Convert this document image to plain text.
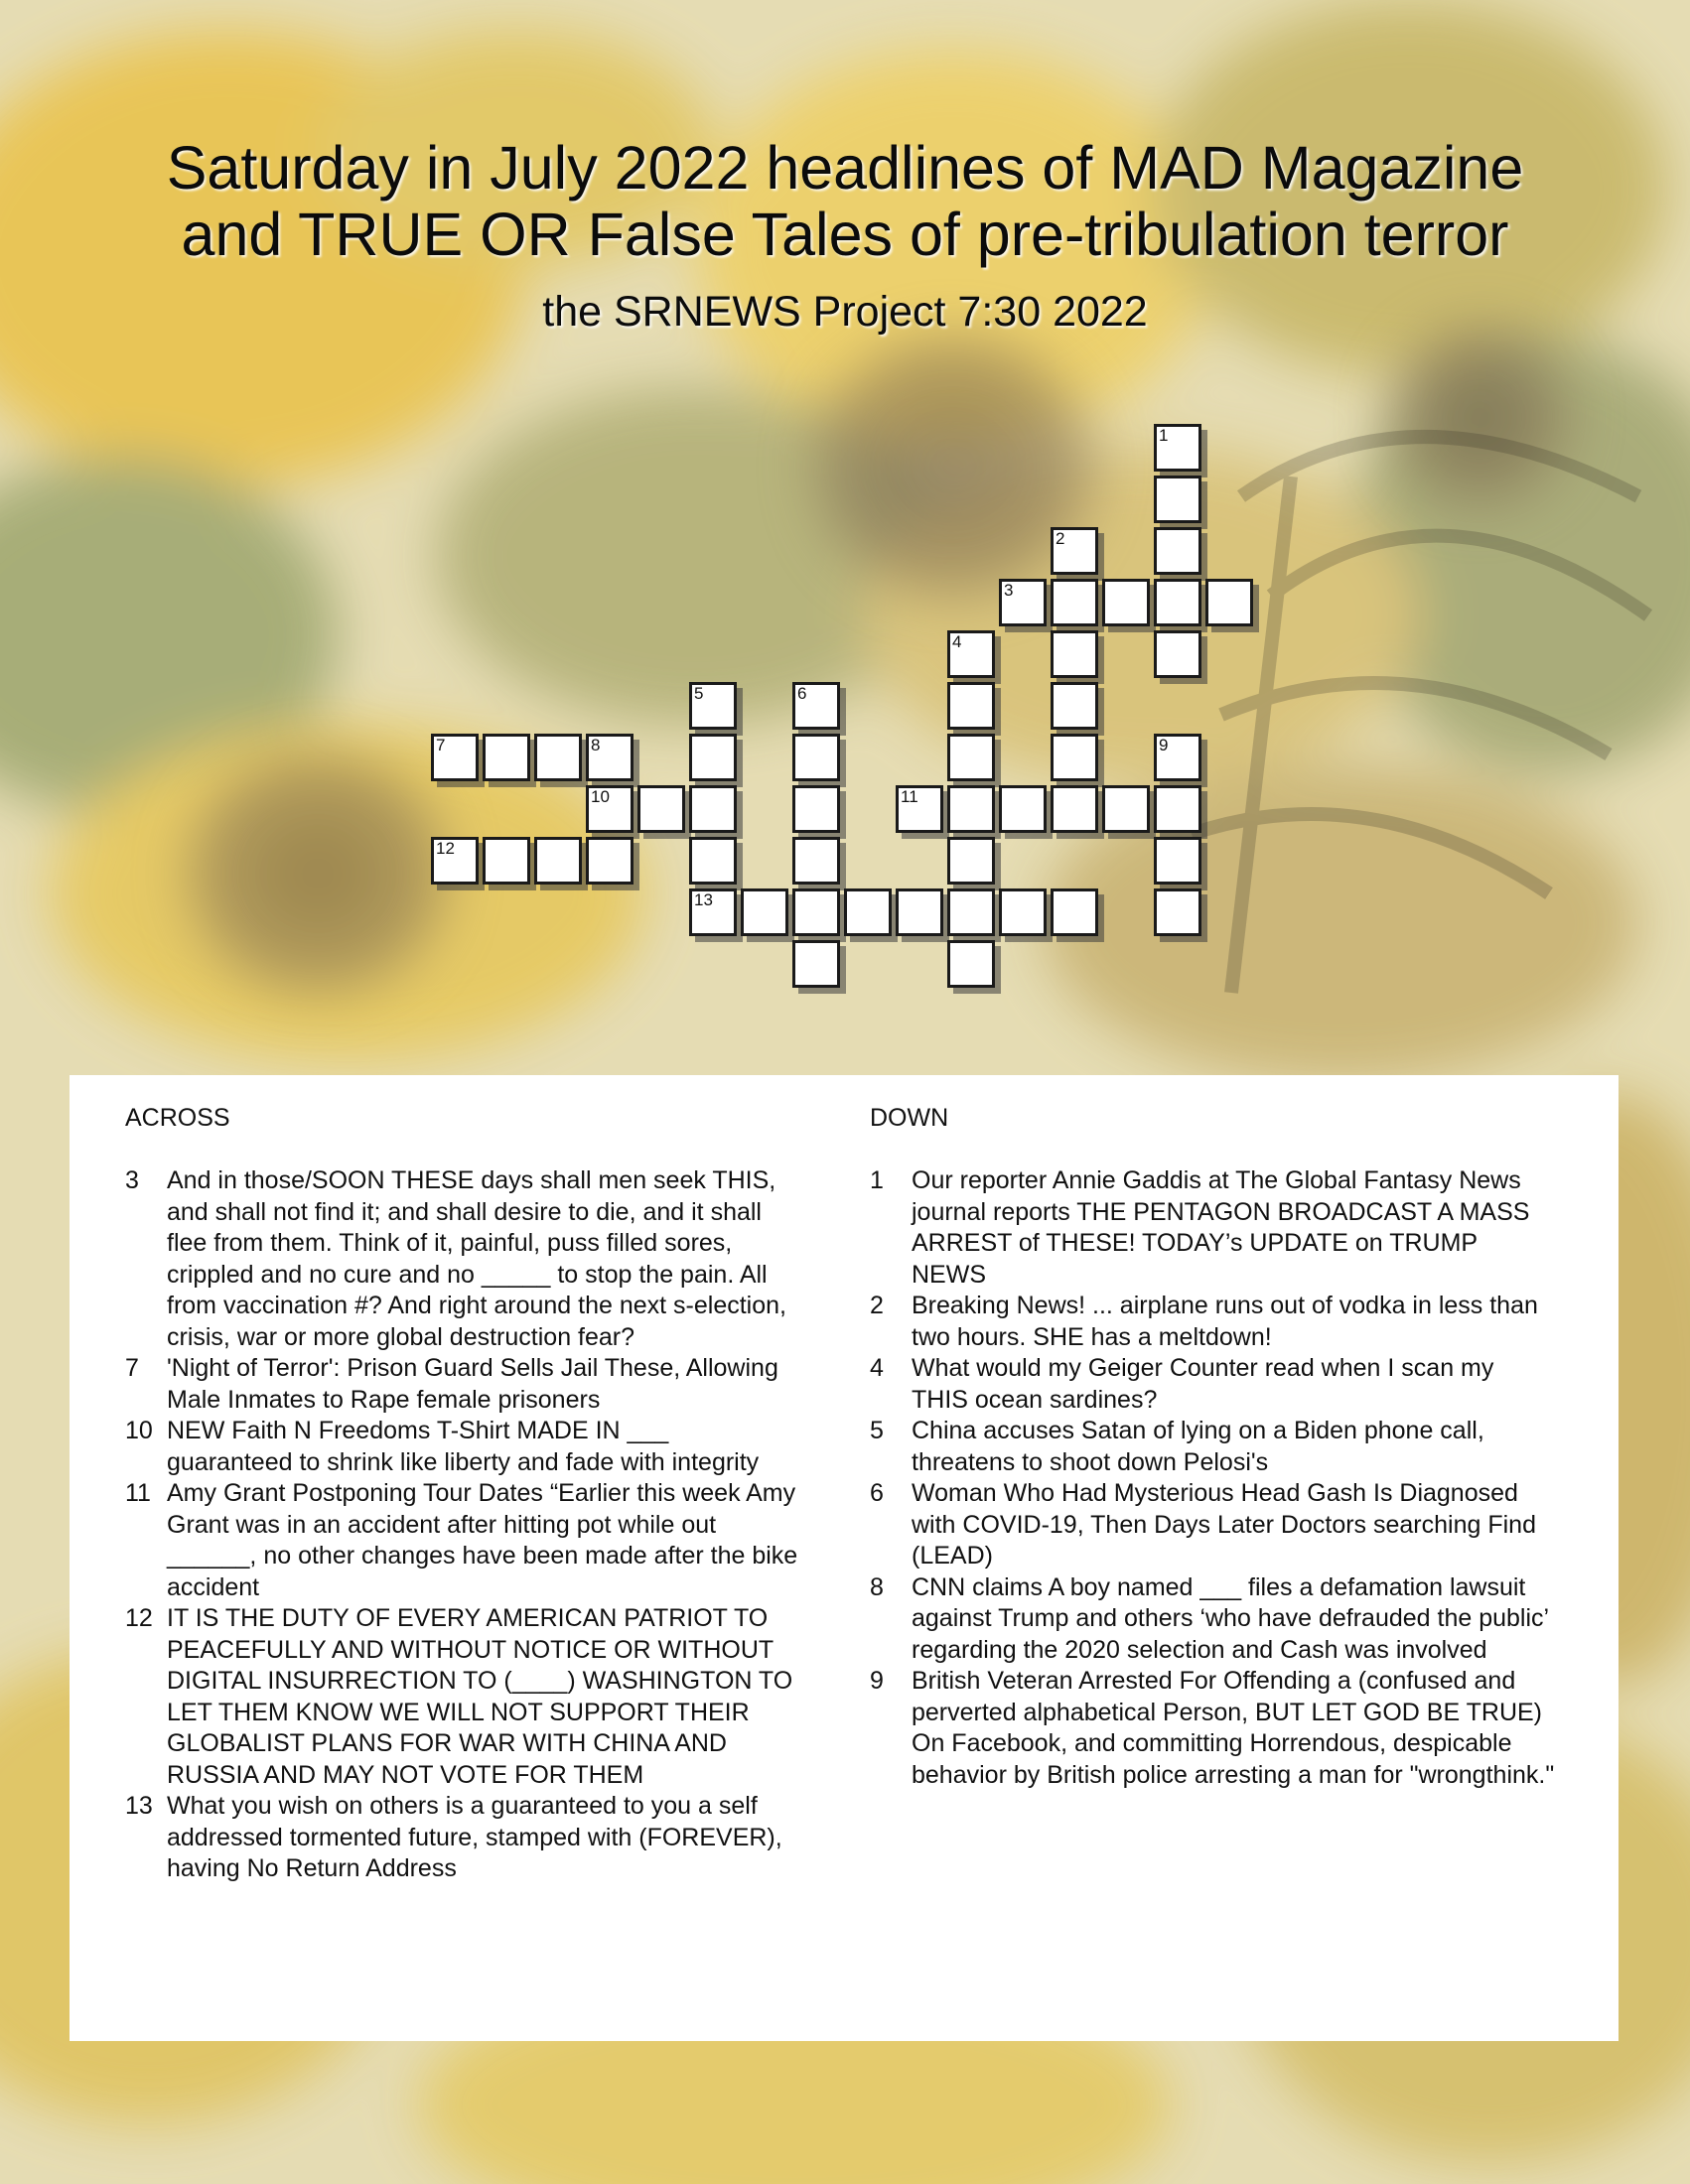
Saturday in July 2022 headlines of MAD Magazine
and TRUE OR False Tales of pre-tribulation terror
the SRNEWS Project 7:30 2022
1
2
3
4
5	6
7	8	9
10	11
12
13
ACROSS
3	And in those/SOON THESE days shall men seek THIS, and shall not find it; and shall desire to die, and it shall flee from them. Think of it, painful, puss filled sores, crippled and no cure and no _____ to stop the pain. All from vaccination #? And right around the next s-election, crisis, war or more global destruction fear?
7	'Night of Terror': Prison Guard Sells Jail These, Allowing Male Inmates to Rape female prisoners
10 NEW Faith N Freedoms T-Shirt MADE IN ___ guaranteed to shrink like liberty and fade with integrity
11 Amy Grant Postponing Tour Dates “Earlier this week Amy Grant was in an accident after hitting pot while out ______, no other changes have been made after the bike accident
12 IT IS THE DUTY OF EVERY AMERICAN PATRIOT TO PEACEFULLY AND WITHOUT NOTICE OR WITHOUT DIGITAL INSURRECTION TO (____) WASHINGTON TO LET THEM KNOW WE WILL NOT SUPPORT THEIR GLOBALIST PLANS FOR WAR WITH CHINA AND RUSSIA AND MAY NOT VOTE FOR THEM
13 What you wish on others is a guaranteed to you a self addressed tormented future, stamped with (FOREVER), having No Return Address
DOWN
1	Our reporter Annie Gaddis at The Global Fantasy News journal reports THE PENTAGON BROADCAST A MASS ARREST of THESE! TODAY’s UPDATE on TRUMP NEWS
2	Breaking News! ... airplane runs out of vodka in less than two hours. SHE has a meltdown!
4	What would my Geiger Counter read when I scan my THIS ocean sardines?
5	China accuses Satan of lying on a Biden phone call, threatens to shoot down Pelosi's
6	Woman Who Had Mysterious Head Gash Is Diagnosed with COVID-19, Then Days Later Doctors searching Find (LEAD)
8	CNN claims A boy named ___ files a defamation lawsuit against Trump and others ‘who have defrauded the public’ regarding the 2020 selection and Cash was involved
9	British Veteran Arrested For Offending a (confused and perverted alphabetical Person, BUT LET GOD BE TRUE) On Facebook, and committing Horrendous, despicable behavior by British police arresting a man for "wrongthink."
